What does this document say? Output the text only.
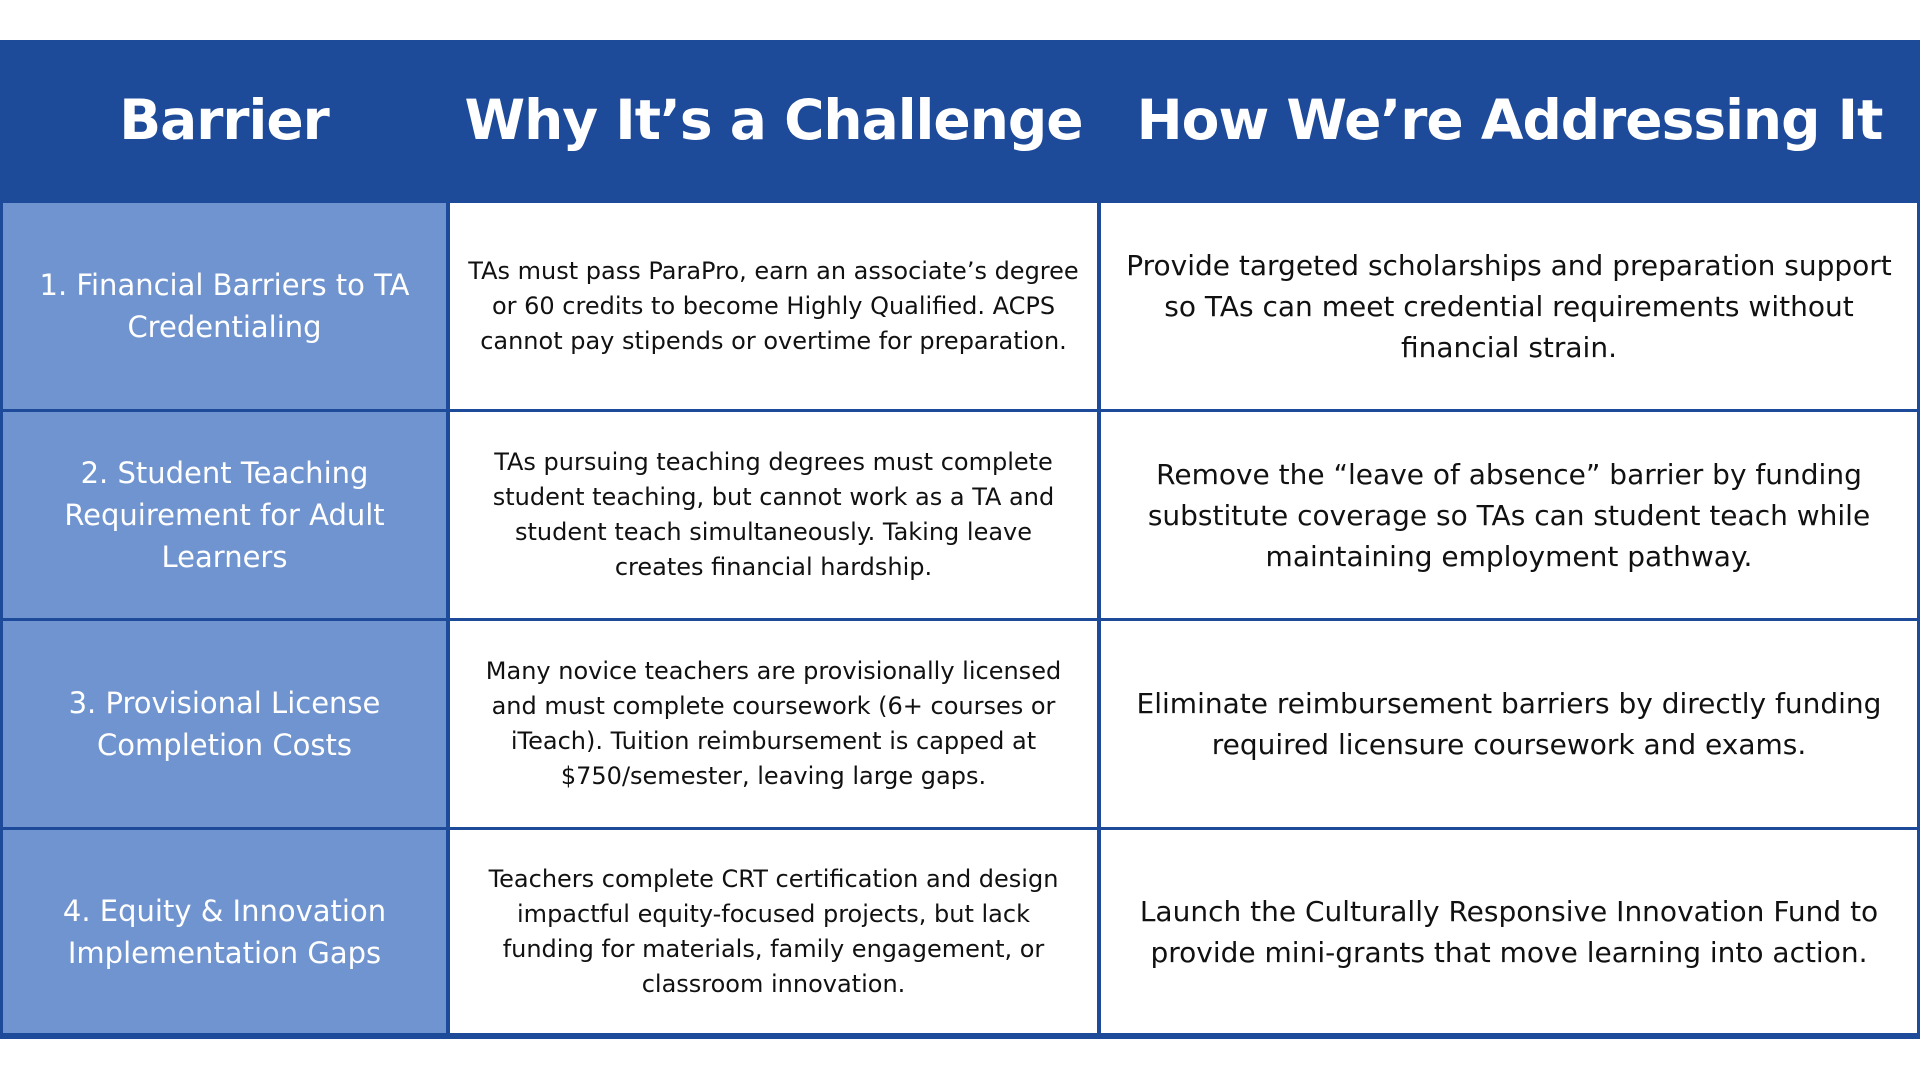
Barrier	Why It’s a Challenge How We’re Addressing It
1. Financial Barriers to TA Credentialing
TAs must pass ParaPro, earn an associate’s degree or 60 credits to become Highly Qualified. ACPS cannot pay stipends or overtime for preparation.
Provide targeted scholarships and preparation support so TAs can meet credential requirements without financial strain.
2. Student Teaching Requirement for Adult Learners
TAs pursuing teaching degrees must complete student teaching, but cannot work as a TA and student teach simultaneously. Taking leave creates financial hardship.
Remove the “leave of absence” barrier by funding substitute coverage so TAs can student teach while maintaining employment pathway.
3. Provisional License Completion Costs
Many novice teachers are provisionally licensed and must complete coursework (6+ courses or iTeach). Tuition reimbursement is capped at $750/semester, leaving large gaps.
Eliminate reimbursement barriers by directly funding required licensure coursework and exams.
4. Equity & Innovation Implementation Gaps
Teachers complete CRT certification and design impactful equity-focused projects, but lack funding for materials, family engagement, or classroom innovation.
Launch the Culturally Responsive Innovation Fund to provide mini-grants that move learning into action.
